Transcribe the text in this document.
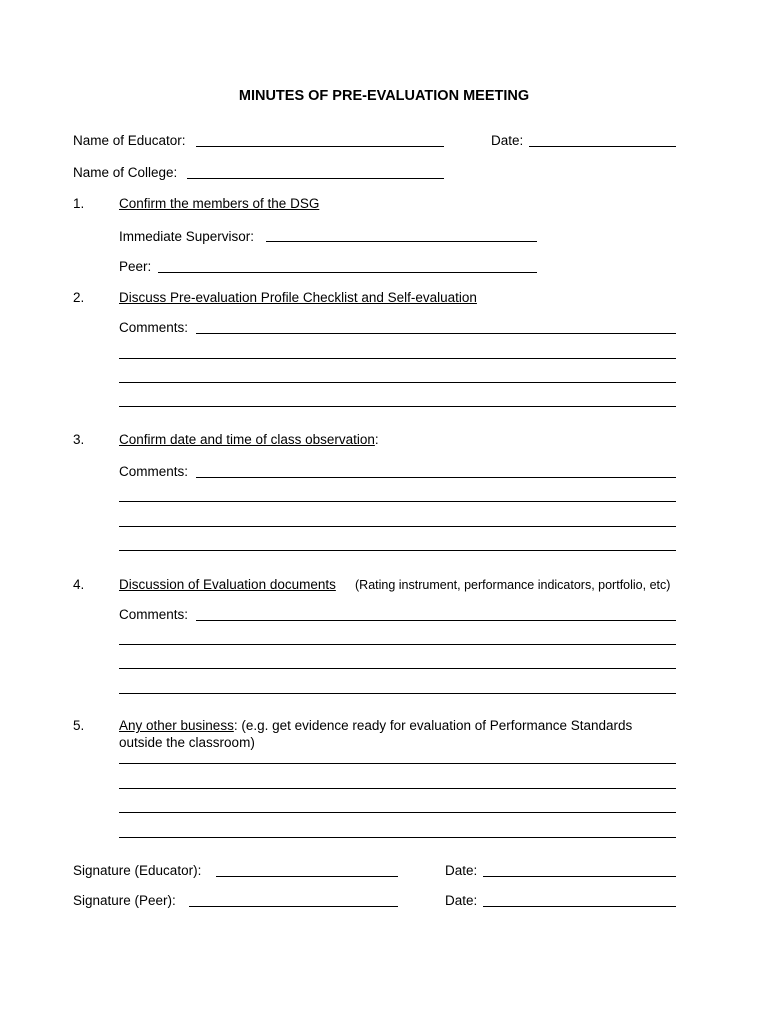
MINUTES OF PRE-EVALUATION MEETING
Name of Educator:	Date:
Name of College:
1.	Confirm the members of the DSG
Immediate Supervisor:
Peer:
2.	Discuss Pre-evaluation Profile Checklist and Self-evaluation
Comments:
3.	Confirm date and time of class observation:
Comments:
4.	Discussion of Evaluation documents (Rating instrument, performance indicators, portfolio, etc)
Comments:
5.	Any other business: (e.g. get evidence ready for evaluation of Performance Standards
outside the classroom)
Signature (Educator):	Date:
Signature (Peer):	Date:
